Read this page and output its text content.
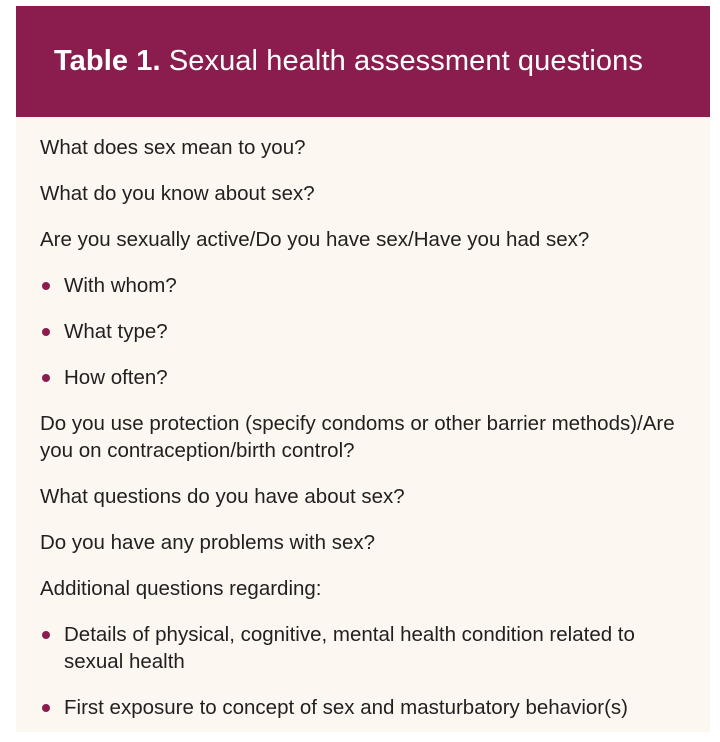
Table 1. Sexual health assessment questions
What does sex mean to you?
What do you know about sex?
Are you sexually active/Do you have sex/Have you had sex?
With whom?
What type?
How often?
Do you use protection (specify condoms or other barrier methods)/Are
you on contraception/birth control?
What questions do you have about sex?
Do you have any problems with sex?
Additional questions regarding:
Details of physical, cognitive, mental health condition related to
sexual health
First exposure to concept of sex and masturbatory behavior(s)
